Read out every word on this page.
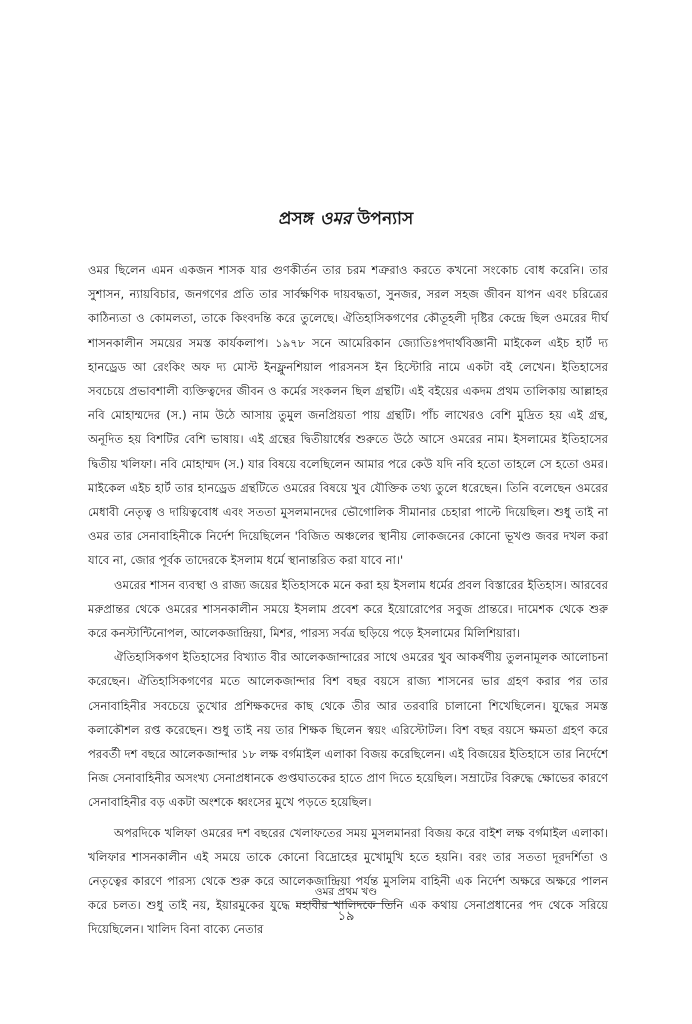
প্রসঙ্গ ওমর উপন্যাস

ওমর ছিলেন এমন একজন শাসক যার গুণকীর্তন তার চরম শত্রুরাও করতে কখনো সংকোচ বোধ করেনি। তার সুশাসন, ন্যায়বিচার, জনগণের প্রতি তার সার্বক্ষণিক দায়বদ্ধতা, সুনজর, সরল সহজ জীবন যাপন এবং চরিত্রের কাঠিন্যতা ও কোমলতা, তাকে কিংবদন্তি করে তুলেছে। ঐতিহাসিকগণের কৌতূহলী দৃষ্টির কেন্দ্রে ছিল ওমরের দীর্ঘ শাসনকালীন সময়ের সমস্ত কার্যকলাপ। ১৯৭৮ সনে আমেরিকান জ্যোতিঃপদার্থবিজ্ঞানী মাইকেল এইচ হার্ট দ্য হানড্রেড আ রেংকিং অফ দ্য মোস্ট ইনফ্লুনশিয়াল পারসনস ইন হিস্টোরি নামে একটা বই লেখেন। ইতিহাসের সবচেয়ে প্রভাবশালী ব্যক্তিত্বদের জীবন ও কর্মের সংকলন ছিল গ্রন্থটি। এই বইয়ের একদম প্রথম তালিকায় আল্লাহর নবি মোহাম্মদের (স.) নাম উঠে আসায় তুমুল জনপ্রিয়তা পায় গ্রন্থটি। পাঁচ লাখেরও বেশি মুদ্রিত হয় এই গ্রন্থ, অনূদিত হয় বিশটির বেশি ভাষায়। এই গ্রন্থের দ্বিতীয়ার্ধের শুরুতে উঠে আসে ওমরের নাম। ইসলামের ইতিহাসের দ্বিতীয় খলিফা। নবি মোহাম্মদ (স.) যার বিষয়ে বলেছিলেন আমার পরে কেউ যদি নবি হতো তাহলে সে হতো ওমর। মাইকেল এইচ হার্ট তার হানড্রেড গ্রন্থটিতে ওমরের বিষয়ে খুব যৌক্তিক তথ্য তুলে ধরেছেন। তিনি বলেছেন ওমরের মেধাবী নেতৃত্ব ও দায়িত্ববোধ এবং সততা মুসলমানদের ভৌগোলিক সীমানার চেহারা পাল্টে দিয়েছিল। শুধু তাই না ওমর তার সেনাবাহিনীকে নির্দেশ দিয়েছিলেন 'বিজিত অঞ্চলের স্থানীয় লোকজনের কোনো ভূখণ্ড জবর দখল করা যাবে না, জোর পূর্বক তাদেরকে ইসলাম ধর্মে স্থানান্তরিত করা যাবে না।'

ওমরের শাসন ব্যবস্থা ও রাজ্য জয়ের ইতিহাসকে মনে করা হয় ইসলাম ধর্মের প্রবল বিস্তারের ইতিহাস। আরবের মরুপ্রান্তর থেকে ওমরের শাসনকালীন সময়ে ইসলাম প্রবেশ করে ইয়োরোপের সবুজ প্রান্তরে। দামেশক থেকে শুরু করে কনস্টান্টিনোপল, আলেকজান্দ্রিয়া, মিশর, পারস্য সর্বত্র ছড়িয়ে পড়ে ইসলামের মিলিশিয়ারা।

ঐতিহাসিকগণ ইতিহাসের বিখ্যাত বীর আলেকজান্দারের সাথে ওমরের খুব আকর্ষণীয় তুলনামূলক আলোচনা করেছেন। ঐতিহাসিকগণের মতে আলেকজান্দার বিশ বছর বয়সে রাজ্য শাসনের ভার গ্রহণ করার পর তার সেনাবাহিনীর সবচেয়ে তুখোর প্রশিক্ষকদের কাছ থেকে তীর আর তরবারি চালানো শিখেছিলেন। যুদ্ধের সমস্ত কলাকৌশল রপ্ত করেছেন। শুধু তাই নয় তার শিক্ষক ছিলেন স্বয়ং এরিস্টোটল। বিশ বছর বয়সে ক্ষমতা গ্রহণ করে পরবর্তী দশ বছরে আলেকজান্দার ১৮ লক্ষ বর্গমাইল এলাকা বিজয় করেছিলেন। এই বিজয়ের ইতিহাসে তার নির্দেশে নিজ সেনাবাহিনীর অসংখ্য সেনাপ্রধানকে গুপ্তঘাতকের হাতে প্রাণ দিতে হয়েছিল। সম্রাটের বিরুদ্ধে ক্ষোভের কারণে সেনাবাহিনীর বড় একটা অংশকে ধ্বংসের মুখে পড়তে হয়েছিল।

অপরদিকে খলিফা ওমরের দশ বছরের খেলাফতের সময় মুসলমানরা বিজয় করে বাইশ লক্ষ বর্গমাইল এলাকা। খলিফার শাসনকালীন এই সময়ে তাকে কোনো বিদ্রোহের মুখোমুখি হতে হয়নি। বরং তার সততা দূরদর্শিতা ও নেতৃত্বের কারণে পারস্য থেকে শুরু করে আলেকজান্দ্রিয়া পর্যন্ত মুসলিম বাহিনী এক নির্দেশ অক্ষরে অক্ষরে পালন করে চলত। শুধু তাই নয়, ইয়ারমুকের যুদ্ধে মহাবীর খালিদকে তিনি এক কথায় সেনাপ্রধানের পদ থেকে সরিয়ে দিয়েছিলেন। খালিদ বিনা বাক্যে নেতার

ওমর প্রথম খণ্ড
১৯
